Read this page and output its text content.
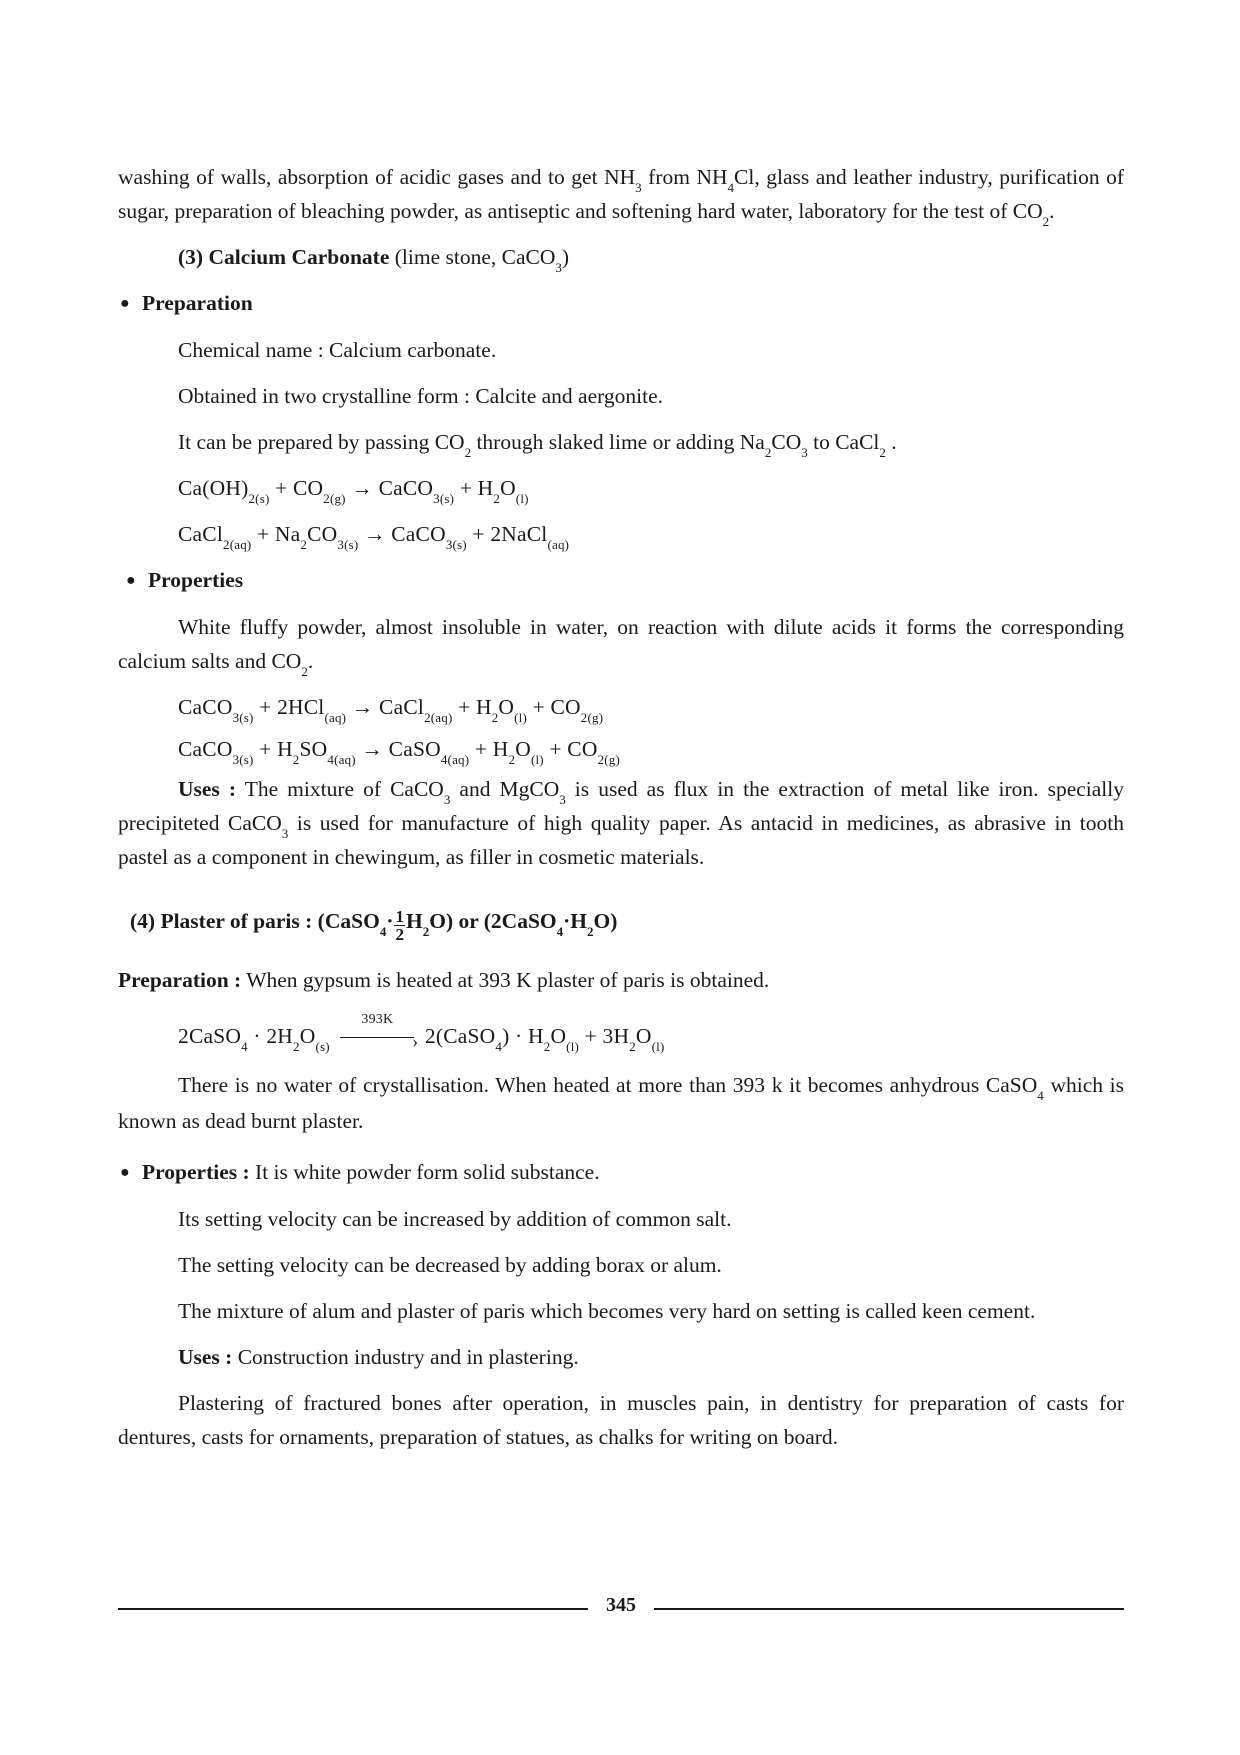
washing of walls, absorption of acidic gases and to get $NH_3$ from $NH_4Cl$, glass and leather industry, purification of sugar, preparation of bleaching powder, as antiseptic and softening hard water, laboratory for the test of $CO_2$.

(3) Calcium Carbonate (lime stone, CaCO$_3$)

● Preparation

Chemical name : Calcium carbonate.

Obtained in two crystalline form : Calcite and aergonite.

It can be prepared by passing $CO_2$ through slaked lime or adding $Na_2CO_3$ to CaCl$_2$ .

$Ca(OH)_{2(s)} + CO_{2(g)}$ → CaCO$_{3(s)}$ + $H_2O_{(l)}$

CaCl$_{2(aq)}$ + $Na_2CO_{3(s)}$ → CaCO$_{3(s)}$ + 2NaCl$_{(aq)}$

● Properties

White fluffy powder, almost insoluble in water, on reaction with dilute acids it forms the corresponding calcium salts and $CO_2$.

CaCO$_{3(s)}$ + 2HCl$_{(aq)}$ → CaCl$_{2(aq)}$ + $H_2O_{(l)} + CO_{2(g)}$

CaCO$_{3(s)}$ + $H_2SO_{4(aq)}$ → CaSO$_{4(aq)}$ + $H_2O_{(l)} + CO_{2(g)}$

Uses : The mixture of CaCO$_3$ and MgCO$_3$ is used as flux in the extraction of metal like iron. specially precipiteted CaCO$_3$ is used for manufacture of high quality paper. As antacid in medicines, as abrasive in tooth pastel as a component in chewingum, as filler in cosmetic materials.

(4) Plaster of paris : (CaSO$_4$· $\frac{1}{2} H_2O$) or $(2CaSO_4\cdot H_2O)$

Preparation : When gypsum is heated at 393 K plaster of paris is obtained.

2CaSO$_4$ · $2H_2O_{(s)}$
393K
› 2(CaSO$_4$) · $H_2O_{(l)} + 3H_2O_{(l)}$

There is no water of crystallisation. When heated at more than 393 k it becomes anhydrous CaSO$_4$ which is known as dead burnt plaster.

● Properties : It is white powder form solid substance.

Its setting velocity can be increased by addition of common salt.

The setting velocity can be decreased by adding borax or alum.

The mixture of alum and plaster of paris which becomes very hard on setting is called keen cement.

Uses : Construction industry and in plastering.

Plastering of fractured bones after operation, in muscles pain, in dentistry for preparation of casts for dentures, casts for ornaments, preparation of statues, as chalks for writing on board.

345
